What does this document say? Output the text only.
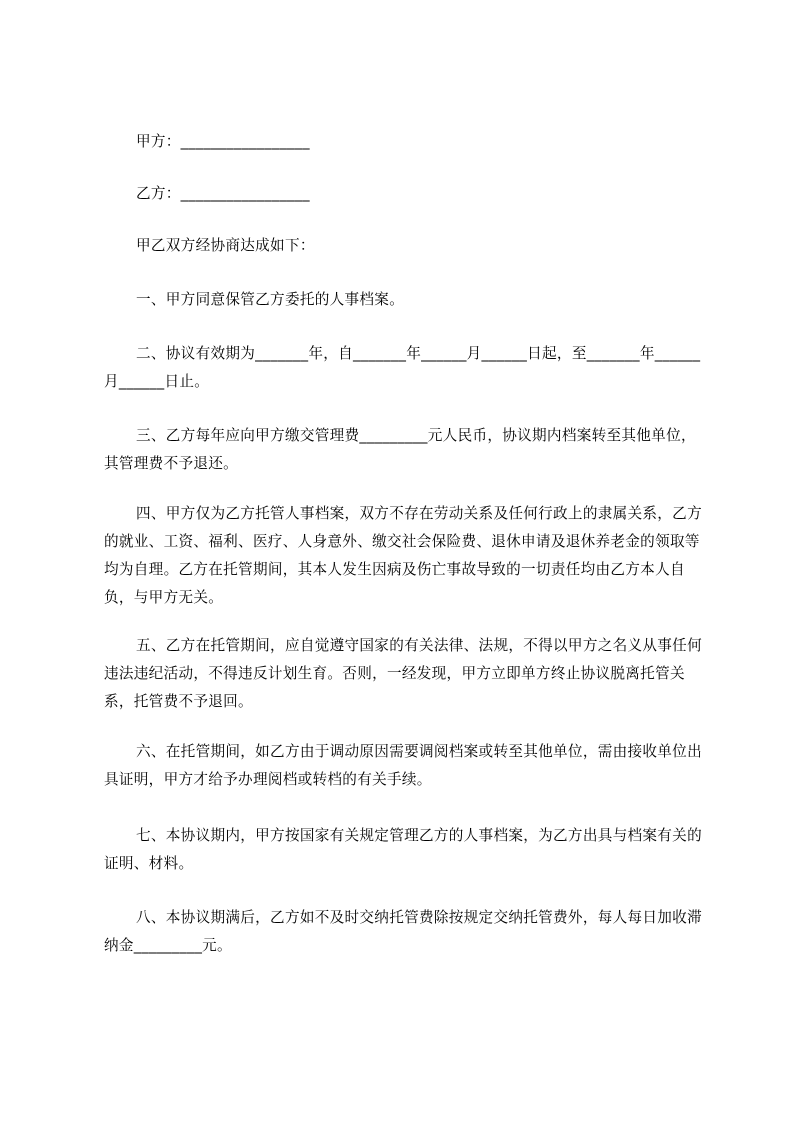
甲方：_________________

乙方：_________________

甲乙双方经协商达成如下：

一、甲方同意保管乙方委托的人事档案。

二、协议有效期为_______年，自_______年______月______日起，至_______年______月______日止。

三、乙方每年应向甲方缴交管理费_________元人民币，协议期内档案转至其他单位，其管理费不予退还。

四、甲方仅为乙方托管人事档案，双方不存在劳动关系及任何行政上的隶属关系，乙方的就业、工资、福利、医疗、人身意外、缴交社会保险费、退休申请及退休养老金的领取等均为自理。乙方在托管期间，其本人发生因病及伤亡事故导致的一切责任均由乙方本人自负，与甲方无关。

五、乙方在托管期间，应自觉遵守国家的有关法律、法规，不得以甲方之名义从事任何违法违纪活动，不得违反计划生育。否则，一经发现，甲方立即单方终止协议脱离托管关系，托管费不予退回。

六、在托管期间，如乙方由于调动原因需要调阅档案或转至其他单位，需由接收单位出具证明，甲方才给予办理阅档或转档的有关手续。

七、本协议期内，甲方按国家有关规定管理乙方的人事档案，为乙方出具与档案有关的证明、材料。

八、本协议期满后，乙方如不及时交纳托管费除按规定交纳托管费外，每人每日加收滞纳金_________元。
